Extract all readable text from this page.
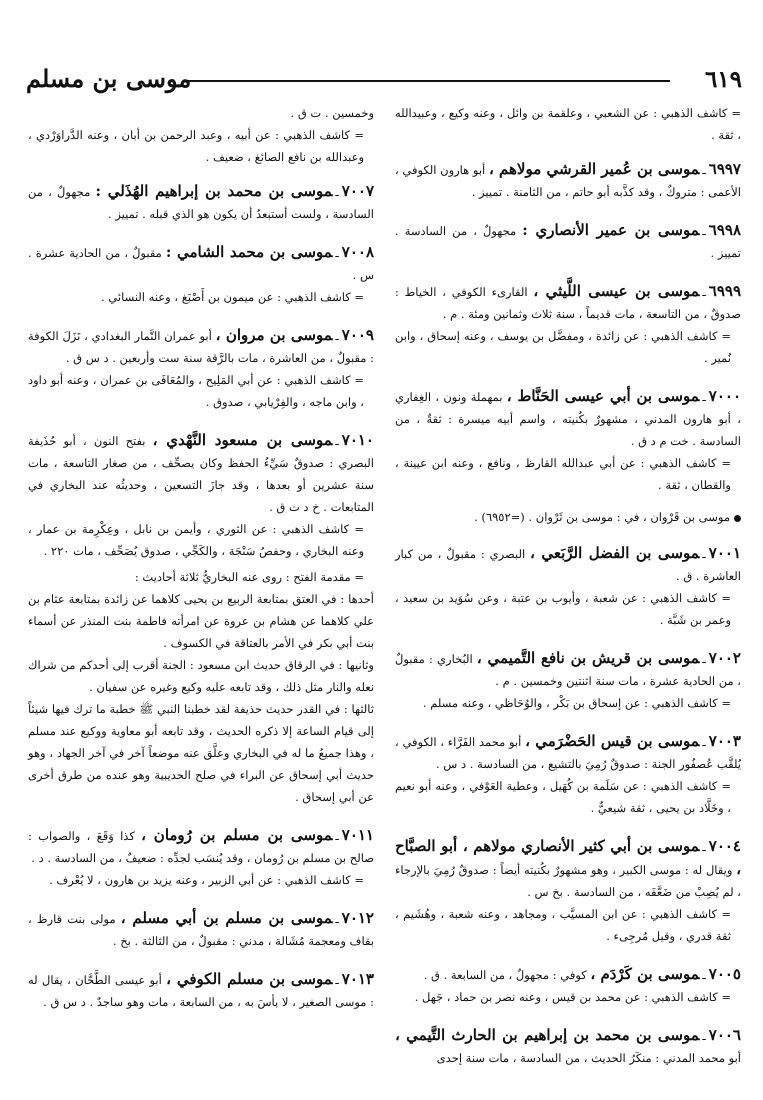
٦١٩
موسى بن مسلم

= كاشف الذهبي : عن الشعبي ، وعلقمة بن وائل ، وعنه وكيع ، وعبيدالله ، ثقة .

٦٩٩٧ـموسى بن عُمير القرشي مولاهم ، أبو هارون الكوفي ، الأعمى : متروكٌ ، وقد كذَّبه أبو حاتم ، من الثامنة . تمييز .
٦٩٩٨ـموسى بن عمير الأنصاري : مجهولٌ ، من السادسة . تمييز .
٦٩٩٩ـموسى بن عيسى اللَّيثي ، القارىء الكوفي ، الخياط : صدوقٌ ، من التاسعة ، مات قديماً ، سنة ثلاث وثمانين ومئة . م .
= كاشف الذهبي : عن زائدة ، ومفضَّل بن يوسف ، وعنه إسحاق ، وابن نُمير .
٧٠٠٠ـموسى بن أبي عيسى الحَنَّاط ، بمهملة ونون ، الغِفاري ، أبو هارون المدني ، مشهورٌ بكُنيته ، واسم أبيه ميسرة : ثقةٌ ، من السادسة . خت م د ق .
= كاشف الذهبي : عن أبي عبدالله القارظ ، ونافع ، وعنه ابن عيينة ، والقطان ، ثقة .

موسى بن قَرْوان ، في : موسى بن ثَرْوان . (=٦٩٥٢) .

٧٠٠١ـموسى بن الفضل الرَّبَعي ، البصري : مقبولٌ ، من كبار العاشرة . ق .
= كاشف الذهبي : عن شعبة ، وأيوب بن عتبة ، وعن سُوَيد بن سعيد ، وعمر بن شَبَّة .
٧٠٠٢ـموسى بن قريش بن نافع التَّميمي ، البُخاري : مقبولٌ ، من الحادية عشرة ، مات سنة اثنتين وخمسين . م .
= كاشف الذهبي : عن إسحاق بن بَكْر ، والوُحَاظي ، وعنه مسلم .
٧٠٠٣ـموسى بن قيس الحَضْرَمي ، أبو محمد الفَرَّاء ، الكوفي ، يُلقَّب عُصفُور الجنة : صدوقٌ رُمِيَ بالتشيع ، من السادسة . د س .
= كاشف الذهبي : عن سَلَمة بن كُهَيل ، وعطية العَوْفي ، وعنه أبو نعيم ، وخَلَّاد بن يحيى ، ثقة شيعيٌّ .
٧٠٠٤ـموسى بن أبي كثير الأنصاري مولاهم ، أبو الصبَّاح ، ويقال له : موسى الكبير ، وهو مشهورٌ بكُنيته أيضاً : صدوقٌ رُمِيَ بالإرجاء ، لم يُصِبْ من ضَعَّفَه ، من السادسة . بخ س .
= كاشف الذهبي : عن ابن المسيَّب ، ومجاهد ، وعنه شعبة ، وهُشَيم ، ثقة قدري ، وقيل مُرجِىء .
٧٠٠٥ـموسى بن كَرْدَم ، كوفي : مجهولٌ ، من السابعة . ق .
= كاشف الذهبي : عن محمد بن قيس ، وعنه نصر بن حماد ، جَهل .
٧٠٠٦ـموسى بن محمد بن إبراهيم بن الحارث التَّيمي ، أبو محمد المدني : منكَرُ الحديث ، من السادسة ، مات سنة إحدى

وخمسين . ت ق .

= كاشف الذهبي : عن أبيه ، وعبد الرحمن بن أبان ، وعنه الدَّراوَرْدي ، وعبدالله بن نافع الصائغ ، ضعيف .

٧٠٠٧ـموسى بن محمد بن إبراهيم الهُذَلي : مجهولٌ ، من السادسة ، ولست أستبعدُ أن يكون هو الذي قبله . تمييز .
٧٠٠٨ـموسى بن محمد الشامي : مقبولٌ ، من الحادية عشرة . س .
= كاشف الذهبي : عن ميمون بن أَصْبَغ ، وعنه النسائي .
٧٠٠٩ـموسى بن مروان ، أبو عمران التَّمار البغدادي ، نَزَلَ الكوفة : مقبولٌ ، من العاشرة ، مات بالرَّقة سنة ست وأربعين . د س ق .
= كاشف الذهبي : عن أبي المَلِيح ، والمُعَافَى بن عمران ، وعنه أبو داود ، وابن ماجه ، والفِرْيابي ، صدوق .
٧٠١٠ـموسى بن مسعود النَّهْدي ، بفتح النون ، أبو حُذَيفة البصري : صدوقٌ سَيِّءُ الحفظ وكان يصحِّف ، من صغار التاسعة ، مات سنة عشرين أو بعدها ، وقد جازَ التسعين ، وحديثُه عند البخاري في المتابعات . خ د ت ق .
= كاشف الذهبي : عن الثوري ، وأيمن بن نابل ، وعِكْرِمة بن عمار ، وعنه البخاري ، وحفصُ سَنْجَة ، والكَجِّي ، صدوق يُصَحِّف ، مات ٢٢٠ .

= مقدمة الفتح : روى عنه البخاريُّ ثلاثة أحاديث :

أحدها : في العتق بمتابعة الربيع بن يحيى كلاهما عن زائدة بمتابعة عثام بن علي كلاهما عن هشام بن عروة عن امرأته فاطمة بنت المنذر عن أسماء بنت أبي بكر في الأمر بالعتاقة في الكسوف .

وثانيها : في الرقاق حديث ابن مسعود : الجنة أقرب إلى أحدكم من شراك نعله والنار مثل ذلك ، وقد تابعه عليه وكيع وغيره عن سفيان .

ثالثها : في القدر حديث حذيفة لقد خطبنا النبي ﷺ خطبة ما ترك فيها شيئاً إلى قيام الساعة إلا ذكره الحديث ، وقد تابعه أبو معاوية ووكيع عند مسلم ، وهذا جميعُ ما له في البخاري وعلَّق عنه موضعاً آخر في آخر الجهاد ، وهو حديث أبي إسحاق عن البراء في صلح الحديبية وهو عنده من طرق أخرى عن أبي إسحاق .

٧٠١١ـموسى بن مسلم بن رُومان ، كذا وَقَعَ ، والصواب : صالح بن مسلم بن رُومان ، وقد يُنسَب لجدِّه : ضعيفٌ ، من السادسة . د .
= كاشف الذهبي : عن أبي الزبير ، وعنه يزيد بن هارون ، لا يُعْرف .
٧٠١٢ـموسى بن مسلم بن أبي مسلم ، مولى بنت قارظ ، بقاف ومعجمة مُشَالة ، مدني : مقبولٌ ، من الثالثة . بخ .
٧٠١٣ـموسى بن مسلم الكوفي ، أبو عيسى الطَّحَّان ، يقال له : موسى الصغير ، لا بأسَ به ، من السابعة ، مات وهو ساجدٌ . د س ق .
